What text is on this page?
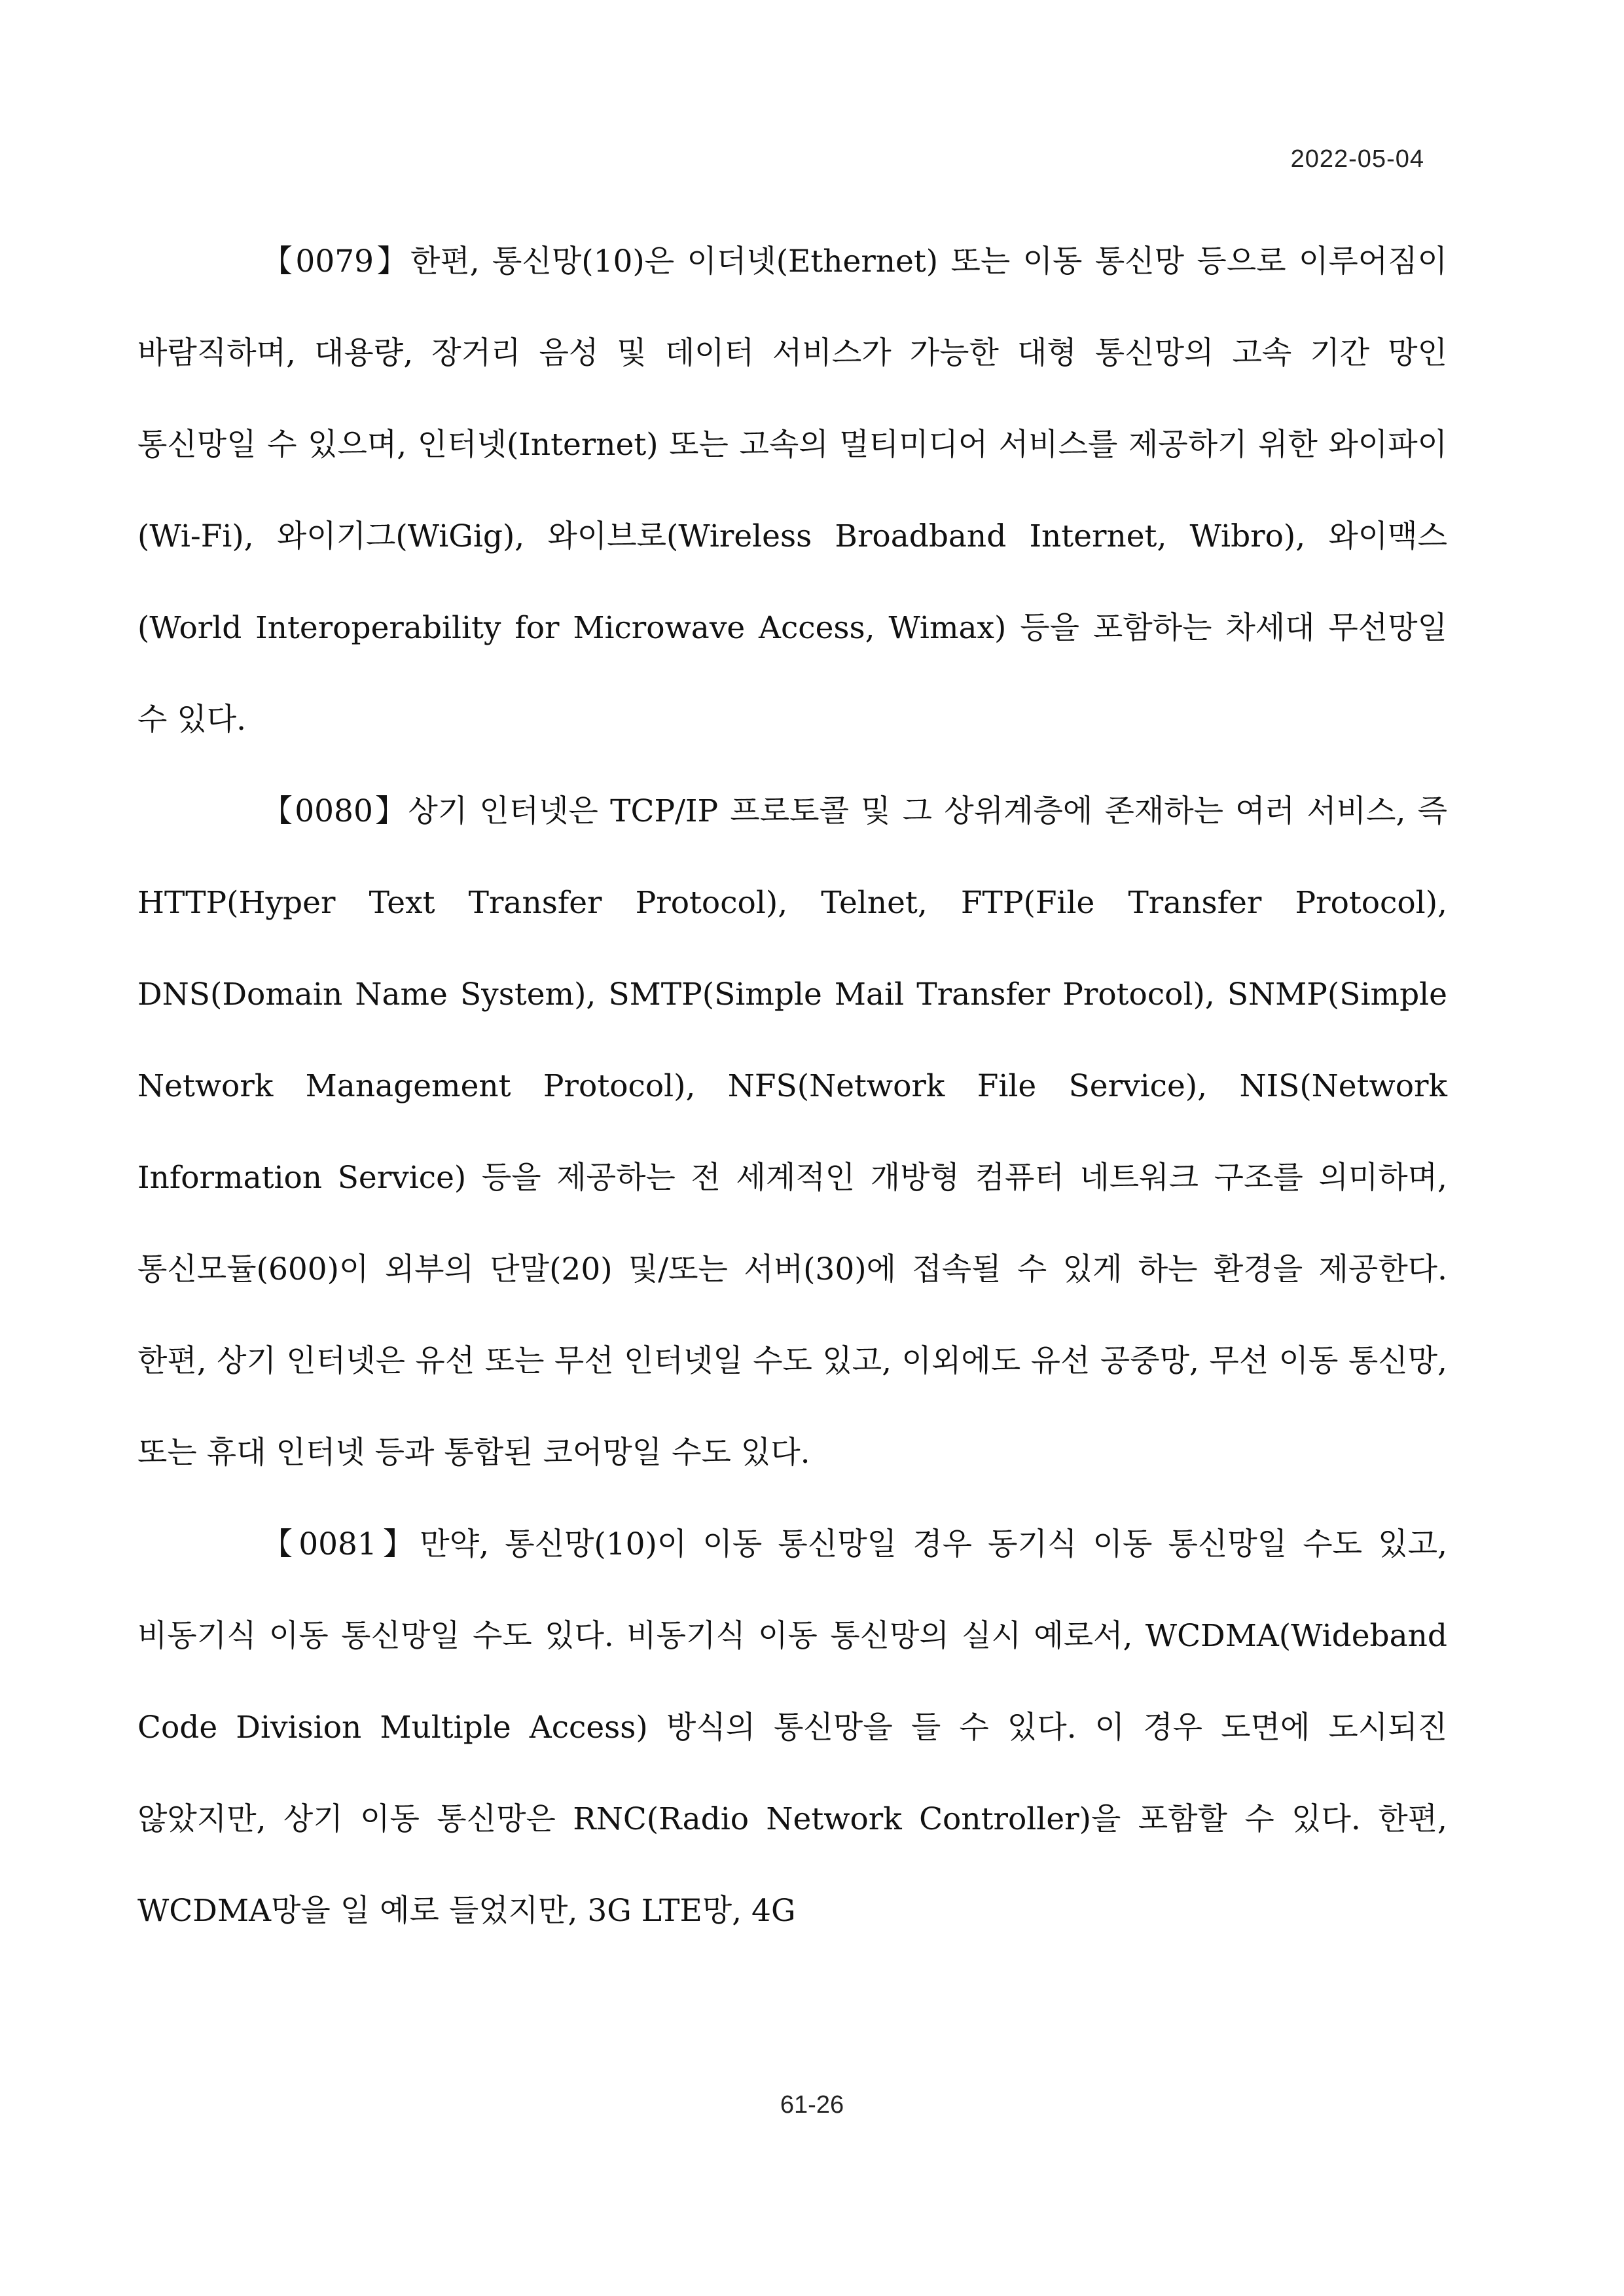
2022-05-04

【0079】한편, 통신망(10)은 이더넷(Ethernet) 또는 이동 통신망 등으로 이루어짐이 바람직하며, 대용량, 장거리 음성 및 데이터 서비스가 가능한 대형 통신망의 고속 기간 망인 통신망일 수 있으며, 인터넷(Internet) 또는 고속의 멀티미디어 서비스를 제공하기 위한 와이파이(Wi-Fi), 와이기그(WiGig), 와이브로(Wireless Broadband Internet, Wibro), 와이맥스(World Interoperability for Microwave Access, Wimax) 등을 포함하는 차세대 무선망일 수 있다.

【0080】상기 인터넷은 TCP/IP 프로토콜 및 그 상위계층에 존재하는 여러 서비스, 즉 HTTP(Hyper Text Transfer Protocol), Telnet, FTP(File Transfer Protocol), DNS(Domain Name System), SMTP(Simple Mail Transfer Protocol), SNMP(Simple Network Management Protocol), NFS(Network File Service), NIS(Network Information Service) 등을 제공하는 전 세계적인 개방형 컴퓨터 네트워크 구조를 의미하며, 통신모듈(600)이 외부의 단말(20) 및/또는 서버(30)에 접속될 수 있게 하는 환경을 제공한다. 한편, 상기 인터넷은 유선 또는 무선 인터넷일 수도 있고, 이외에도 유선 공중망, 무선 이동 통신망, 또는 휴대 인터넷 등과 통합된 코어망일 수도 있다.

【0081】만약, 통신망(10)이 이동 통신망일 경우 동기식 이동 통신망일 수도 있고, 비동기식 이동 통신망일 수도 있다. 비동기식 이동 통신망의 실시 예로서, WCDMA(Wideband Code Division Multiple Access) 방식의 통신망을 들 수 있다. 이 경우 도면에 도시되진 않았지만, 상기 이동 통신망은 RNC(Radio Network Controller)을 포함할 수 있다. 한편, WCDMA망을 일 예로 들었지만, 3G LTE망, 4G

61-26
